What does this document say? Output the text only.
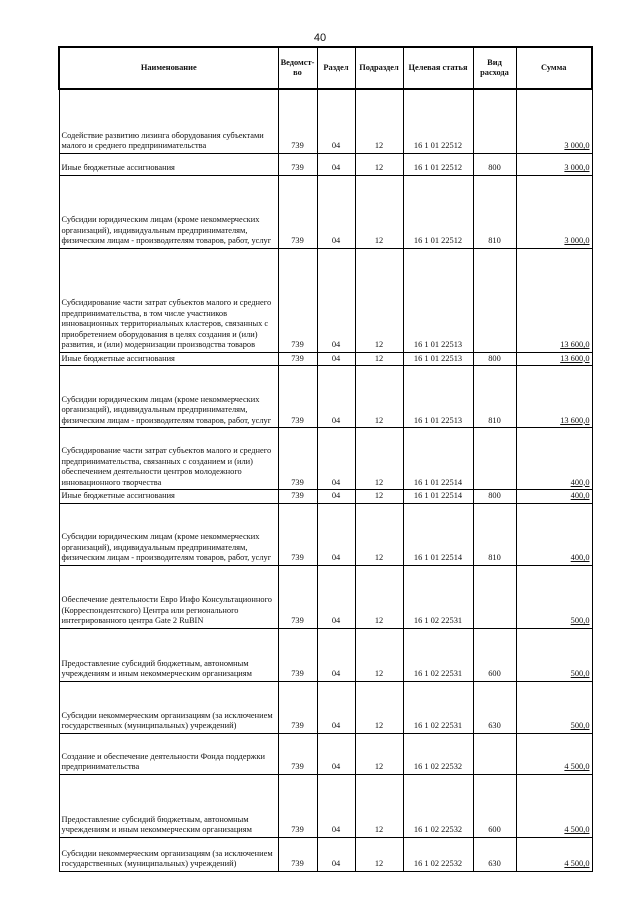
40
Наименование	Ведомст-во	Раздел	Подраздел	Целевая статья	Вид расхода	Сумма
Содействие развитию лизинга оборудования субъектами малого и среднего предпринимательства	739	04	12	16 1 01 22512		3 000,0
Иные бюджетные ассигнования	739	04	12	16 1 01 22512	800	3 000,0
Субсидии юридическим лицам (кроме некоммерческих организаций), индивидуальным предпринимателям, физическим лицам - производителям товаров, работ, услуг	739	04	12	16 1 01 22512	810	3 000,0
Субсидирование части затрат субъектов малого и среднего предпринимательства, в том числе участников инновационных территориальных кластеров, связанных с приобретением оборудования в целях создания и (или) развития, и (или) модернизации производства товаров	739	04	12	16 1 01 22513		13 600,0
Иные бюджетные ассигнования	739	04	12	16 1 01 22513	800	13 600,0
Субсидии юридическим лицам (кроме некоммерческих организаций), индивидуальным предпринимателям, физическим лицам - производителям товаров, работ, услуг	739	04	12	16 1 01 22513	810	13 600,0
Субсидирование части затрат субъектов малого и среднего предпринимательства, связанных с созданием и (или) обеспечением деятельности центров молодежного инновационного творчества	739	04	12	16 1 01 22514		400,0
Иные бюджетные ассигнования	739	04	12	16 1 01 22514	800	400,0
Субсидии юридическим лицам (кроме некоммерческих организаций), индивидуальным предпринимателям, физическим лицам - производителям товаров, работ, услуг	739	04	12	16 1 01 22514	810	400,0
Обеспечение деятельности Евро Инфо Консультационного (Корреспондентского) Центра или регионального интегрированного центра Gate 2 RuBIN	739	04	12	16 1 02 22531		500,0
Предоставление субсидий бюджетным, автономным учреждениям и иным некоммерческим организациям	739	04	12	16 1 02 22531	600	500,0
Субсидии некоммерческим организациям (за исключением государственных (муниципальных) учреждений)	739	04	12	16 1 02 22531	630	500,0
Создание и обеспечение деятельности Фонда поддержки предпринимательства	739	04	12	16 1 02 22532		4 500,0
Предоставление субсидий бюджетным, автономным учреждениям и иным некоммерческим организациям	739	04	12	16 1 02 22532	600	4 500,0
Субсидии некоммерческим организациям (за исключением государственных (муниципальных) учреждений)	739	04	12	16 1 02 22532	630	4 500,0
